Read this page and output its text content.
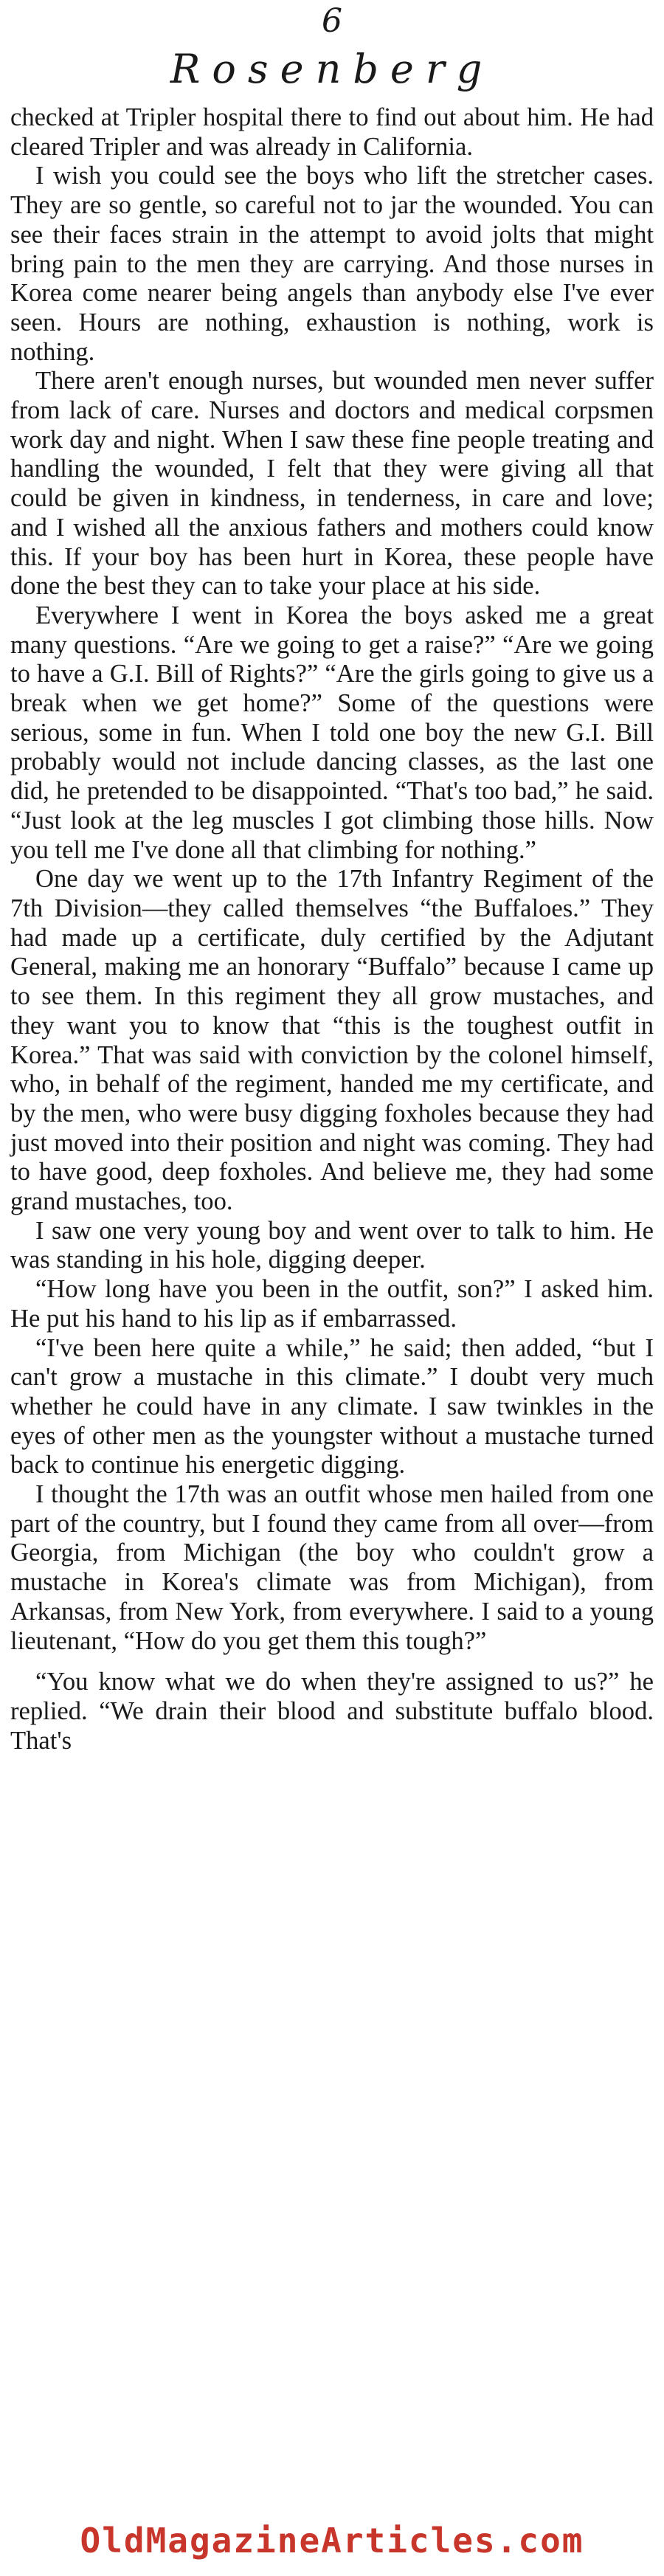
6
Rosenberg

checked at Tripler hospital there to find out about him. He had cleared Tripler and was already in California.

I wish you could see the boys who lift the stretcher cases. They are so gentle, so careful not to jar the wounded. You can see their faces strain in the attempt to avoid jolts that might bring pain to the men they are carrying. And those nurses in Korea come nearer being angels than anybody else I've ever seen. Hours are nothing, exhaustion is nothing, work is nothing.

There aren't enough nurses, but wounded men never suffer from lack of care. Nurses and doctors and medical corpsmen work day and night. When I saw these fine people treating and handling the wounded, I felt that they were giving all that could be given in kindness, in tenderness, in care and love; and I wished all the anxious fathers and mothers could know this. If your boy has been hurt in Korea, these people have done the best they can to take your place at his side.

Everywhere I went in Korea the boys asked me a great many questions. “Are we going to get a raise?” “Are we going to have a G.I. Bill of Rights?” “Are the girls going to give us a break when we get home?” Some of the questions were serious, some in fun. When I told one boy the new G.I. Bill probably would not include dancing classes, as the last one did, he pretended to be disappointed. “That's too bad,” he said. “Just look at the leg muscles I got climbing those hills. Now you tell me I've done all that climbing for nothing.”

One day we went up to the 17th Infantry Regiment of the 7th Division—they called themselves “the Buffaloes.” They had made up a certificate, duly certified by the Adjutant General, making me an honorary “Buffalo” because I came up to see them. In this regiment they all grow mustaches, and they want you to know that “this is the toughest outfit in Korea.” That was said with conviction by the colonel himself, who, in behalf of the regiment, handed me my certificate, and by the men, who were busy digging foxholes because they had just moved into their position and night was coming. They had to have good, deep foxholes. And believe me, they had some grand mustaches, too.

I saw one very young boy and went over to talk to him. He was standing in his hole, digging deeper.

“How long have you been in the outfit, son?” I asked him. He put his hand to his lip as if embarrassed.

“I've been here quite a while,” he said; then added, “but I can't grow a mustache in this climate.” I doubt very much whether he could have in any climate. I saw twinkles in the eyes of other men as the youngster without a mustache turned back to continue his energetic digging.

I thought the 17th was an outfit whose men hailed from one part of the country, but I found they came from all over—from Georgia, from Michigan (the boy who couldn't grow a mustache in Korea's climate was from Michigan), from Arkansas, from New York, from everywhere. I said to a young lieutenant, “How do you get them this tough?”

“You know what we do when they're assigned to us?” he replied. “We drain their blood and substitute buffalo blood. That's

OldMagazineArticles.com
